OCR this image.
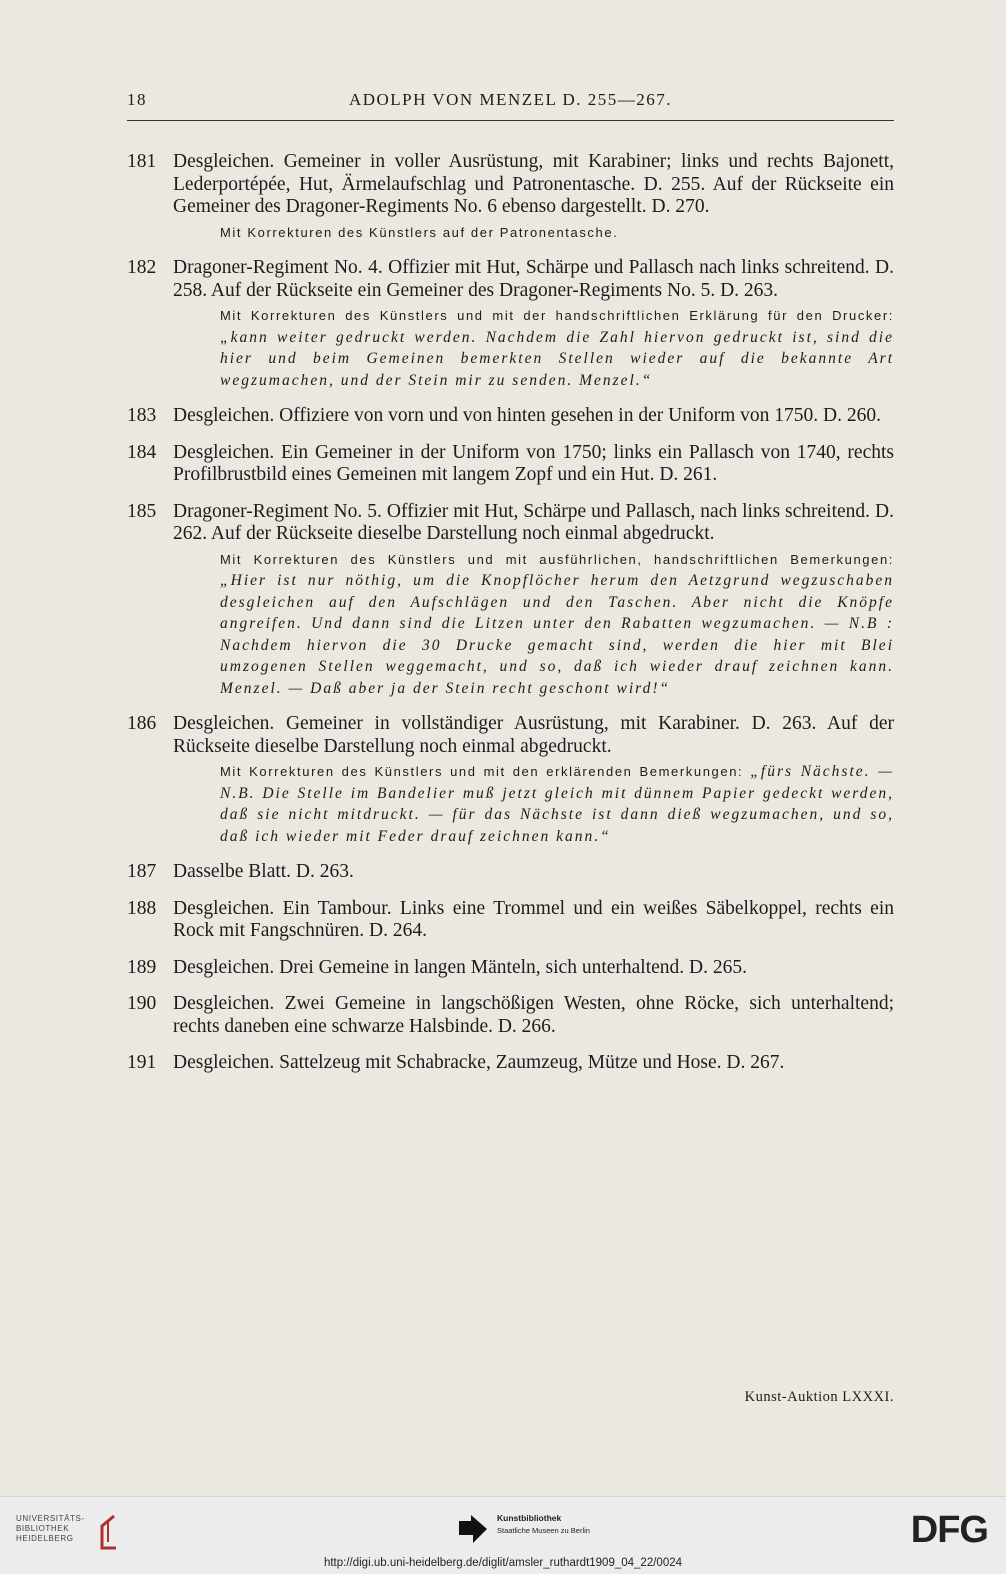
18	ADOLPH VON MENZEL D. 255—267.
181 Desgleichen. Gemeiner in voller Ausrüstung, mit Karabiner; links und rechts Bajonett, Lederportépée, Hut, Ärmelaufschlag und Patronentasche. D. 255. Auf der Rückseite ein Gemeiner des Dragoner-Regiments No. 6 ebenso dargestellt. D. 270.
Mit Korrekturen des Künstlers auf der Patronentasche.
182 Dragoner-Regiment No. 4. Offizier mit Hut, Schärpe und Pallasch nach links schreitend. D. 258. Auf der Rückseite ein Gemeiner des Dragoner-Regiments No. 5. D. 263.
Mit Korrekturen des Künstlers und mit der handschriftlichen Erklärung für den Drucker: „kann weiter gedruckt werden. Nachdem die Zahl hiervon gedruckt ist, sind die hier und beim Gemeinen bemerkten Stellen wieder auf die bekannte Art wegzumachen, und der Stein mir zu senden. Menzel.“
183 Desgleichen. Offiziere von vorn und von hinten gesehen in der Uniform von 1750. D. 260.
184 Desgleichen. Ein Gemeiner in der Uniform von 1750; links ein Pallasch von 1740, rechts Profilbrustbild eines Gemeinen mit langem Zopf und ein Hut. D. 261.
185 Dragoner-Regiment No. 5. Offizier mit Hut, Schärpe und Pallasch, nach links schreitend. D. 262. Auf der Rückseite dieselbe Darstellung noch einmal abgedruckt.
Mit Korrekturen des Künstlers und mit ausführlichen, handschriftlichen Bemerkungen: „Hier ist nur nöthig, um die Knopflöcher herum den Aetzgrund wegzuschaben desgleichen auf den Aufschlägen und den Taschen. Aber nicht die Knöpfe angreifen. Und dann sind die Litzen unter den Rabatten wegzumachen. — N.B : Nachdem hiervon die 30 Drucke gemacht sind, werden die hier mit Blei umzogenen Stellen weggemacht, und so, daß ich wieder drauf zeichnen kann. Menzel. — Daß aber ja der Stein recht geschont wird!“
186 Desgleichen. Gemeiner in vollständiger Ausrüstung, mit Karabiner. D. 263. Auf der Rückseite dieselbe Darstellung noch einmal abgedruckt.
Mit Korrekturen des Künstlers und mit den erklärenden Bemerkungen: „fürs Nächste. — N.B. Die Stelle im Bandelier muß jetzt gleich mit dünnem Papier gedeckt werden, daß sie nicht mitdruckt. — für das Nächste ist dann dieß wegzumachen, und so, daß ich wieder mit Feder drauf zeichnen kann.“
187 Dasselbe Blatt. D. 263.
188 Desgleichen. Ein Tambour. Links eine Trommel und ein weißes Säbelkoppel, rechts ein Rock mit Fangschnüren. D. 264.
189 Desgleichen. Drei Gemeine in langen Mänteln, sich unterhaltend. D. 265.
190 Desgleichen. Zwei Gemeine in langschößigen Westen, ohne Röcke, sich unterhaltend; rechts daneben eine schwarze Halsbinde. D. 266.
191 Desgleichen. Sattelzeug mit Schabracke, Zaumzeug, Mütze und Hose. D. 267.
Kunst-Auktion LXXXI.
UNIVERSITÄTS-
BIBLIOTHEK
HEIDELBERG
Kunstbibliothek
Staatliche Museen zu Berlin	DFG
http://digi.ub.uni-heidelberg.de/diglit/amsler_ruthardt1909_04_22/0024
